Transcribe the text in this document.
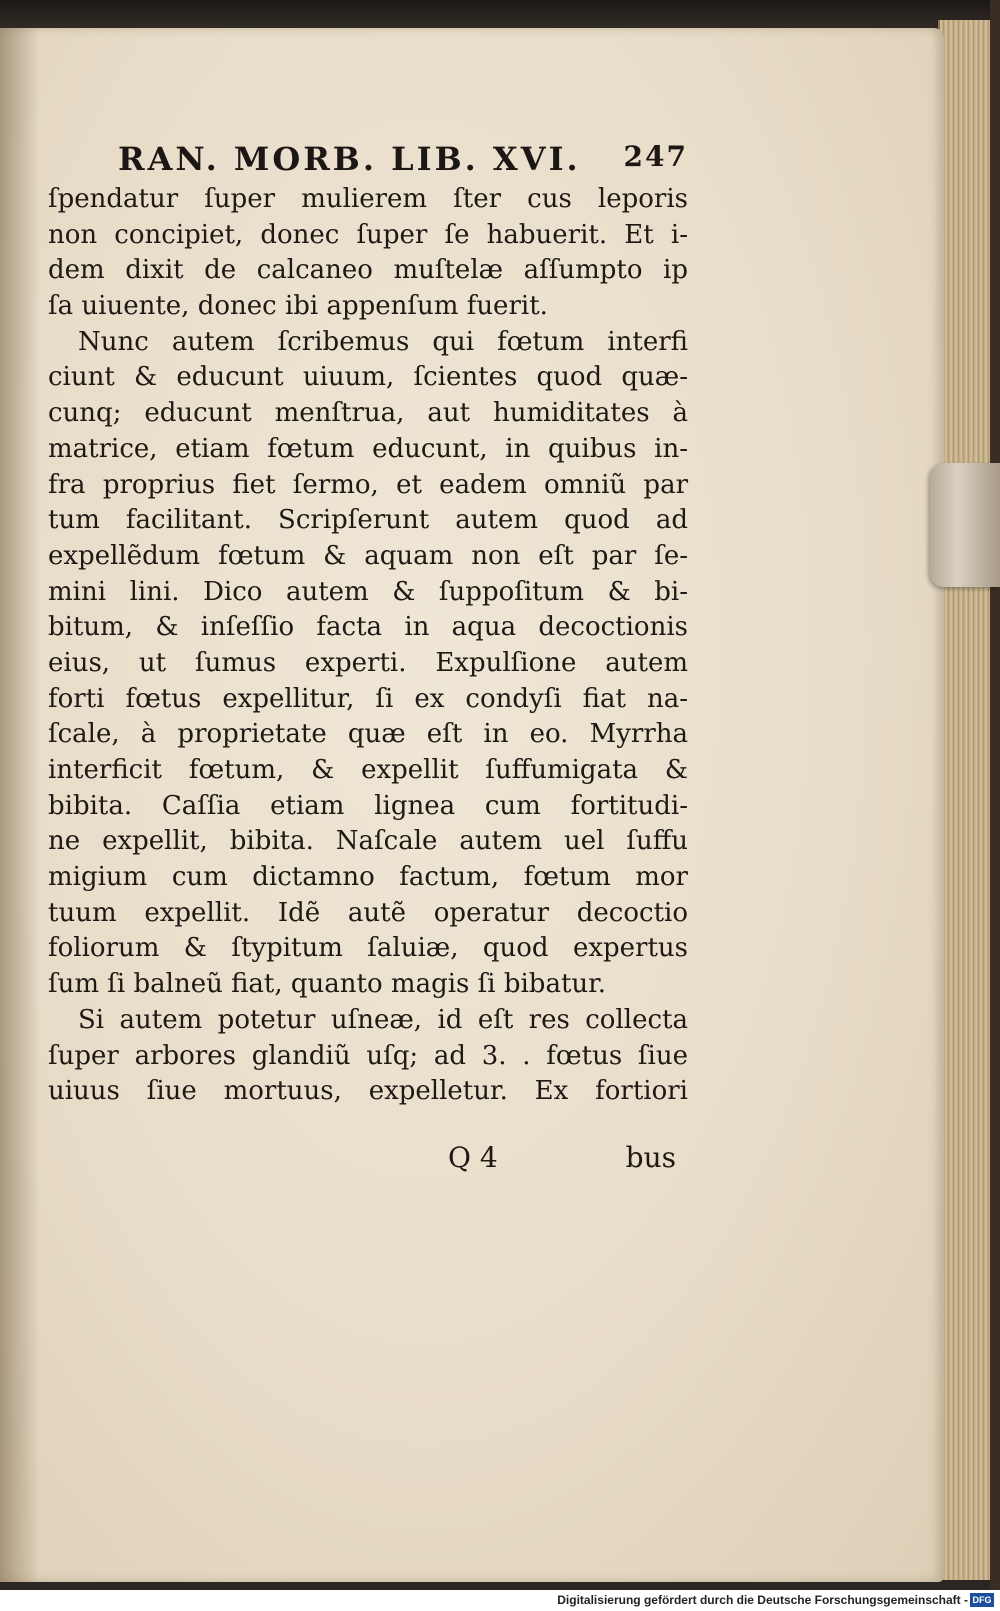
RAN. MORB. LIB. XVI. 247
ſpendatur ſuper mulierem ſter cus leporis
non concipiet, donec ſuper ſe habuerit. Et i-
dem dixit de calcaneo muſtelæ aſſumpto ip
ſa uiuente, donec ibi appenſum fuerit.
Nunc autem ſcribemus qui fœtum interfi
ciunt & educunt uiuum, ſcientes quod quæ-
cunq; educunt menſtrua, aut humiditates à
matrice, etiam fœtum educunt, in quibus in-
fra proprius fiet ſermo, et eadem omniũ par
tum facilitant. Scripſerunt autem quod ad
expellẽdum fœtum & aquam non eſt par ſe-
mini lini. Dico autem & ſuppoſitum & bi-
bitum, & inſeſſio facta in aqua decoctionis
eius, ut ſumus experti. Expulſione autem
forti fœtus expellitur, ſi ex condyſi fiat na-
ſcale, à proprietate quæ eſt in eo. Myrrha
interficit fœtum, & expellit ſuffumigata &
bibita. Caſſia etiam lignea cum fortitudi-
ne expellit, bibita. Naſcale autem uel ſuffu
migium cum dictamno factum, fœtum mor
tuum expellit. Idẽ autẽ operatur decoctio
foliorum & ſtypitum ſaluiæ, quod expertus
ſum ſi balneũ fiat, quanto magis ſi bibatur.
Si autem potetur uſneæ, id eſt res collecta
ſuper arbores glandiũ uſq; ad 3. . fœtus ſiue
uiuus ſiue mortuus, expelletur. Ex fortiori
Q 4	bus
Digitalisierung gefördert durch die Deutsche Forschungsgemeinschaft - DFG
